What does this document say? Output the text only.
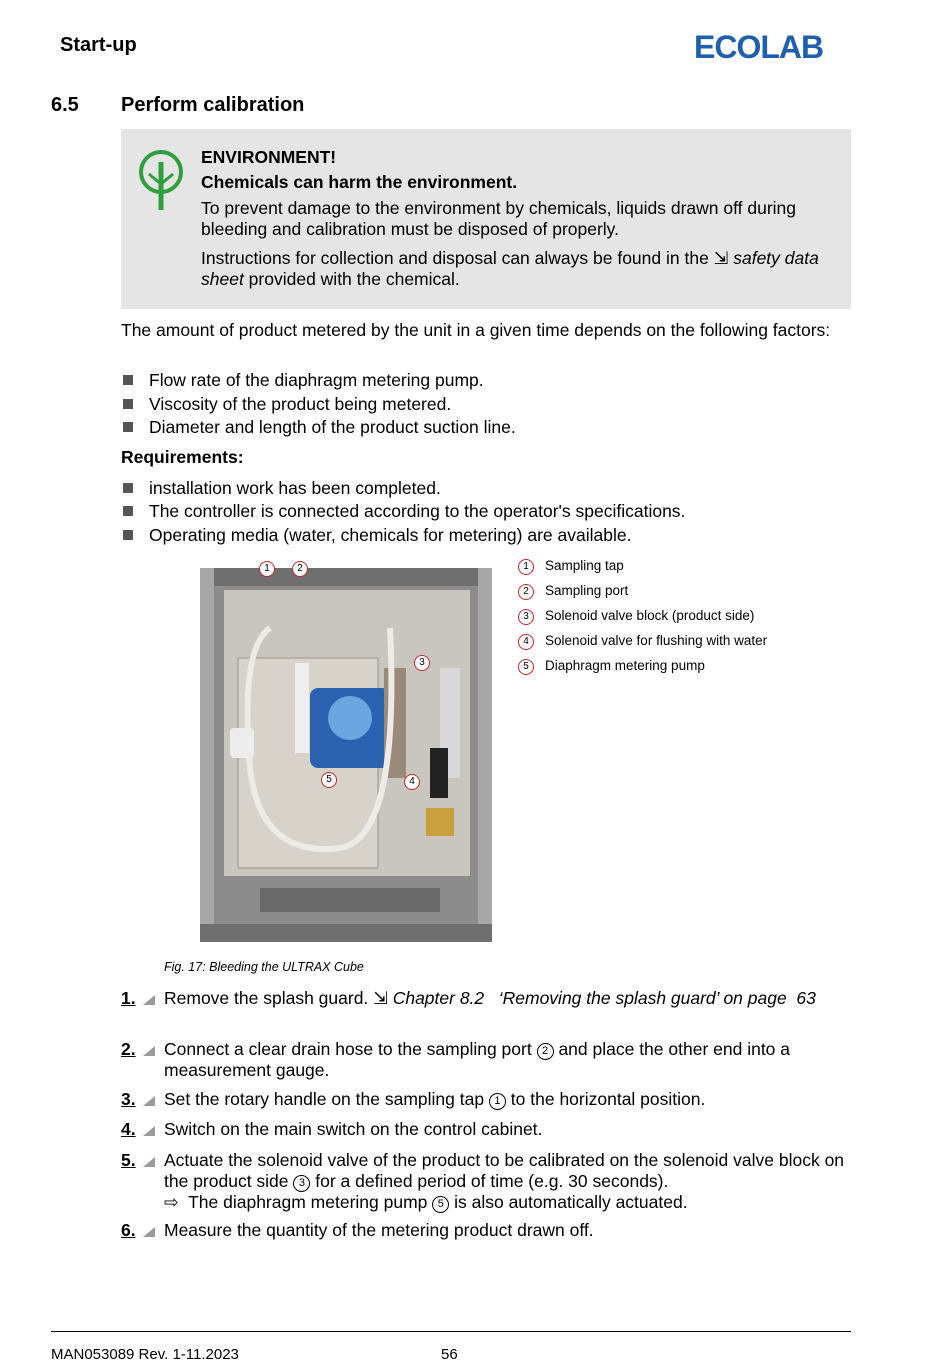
Start-up	ECOLAB
6.5 Perform calibration
ENVIRONMENT!
Chemicals can harm the environment.
To prevent damage to the environment by chemicals, liquids drawn off during bleeding and calibration must be disposed of properly.
Instructions for collection and disposal can always be found in the ⇲ safety data sheet provided with the chemical.
The amount of product metered by the unit in a given time depends on the following factors:
Flow rate of the diaphragm metering pump.
Viscosity of the product being metered.
Diameter and length of the product suction line.
Requirements:
installation work has been completed.
The controller is connected according to the operator's specifications.
Operating media (water, chemicals for metering) are available.
1	2
3
4
5
1 Sampling tap
2 Sampling port
3 Solenoid valve block (product side)
4 Solenoid valve for flushing with water
5 Diaphragm metering pump
Fig. 17: Bleeding the ULTRAX Cube
1. Remove the splash guard. ⇲ Chapter 8.2   ‘Removing the splash guard’ on page  63
2. Connect a clear drain hose to the sampling port 2 and place the other end into a measurement gauge.
3. Set the rotary handle on the sampling tap 1 to the horizontal position.
4. Switch on the main switch on the control cabinet.
5. Actuate the solenoid valve of the product to be calibrated on the solenoid valve block on the product side 3 for a defined period of time (e.g. 30 seconds).
⇨ The diaphragm metering pump 5 is also automatically actuated.
6. Measure the quantity of the metering product drawn off.
MAN053089 Rev. 1-11.2023	56
